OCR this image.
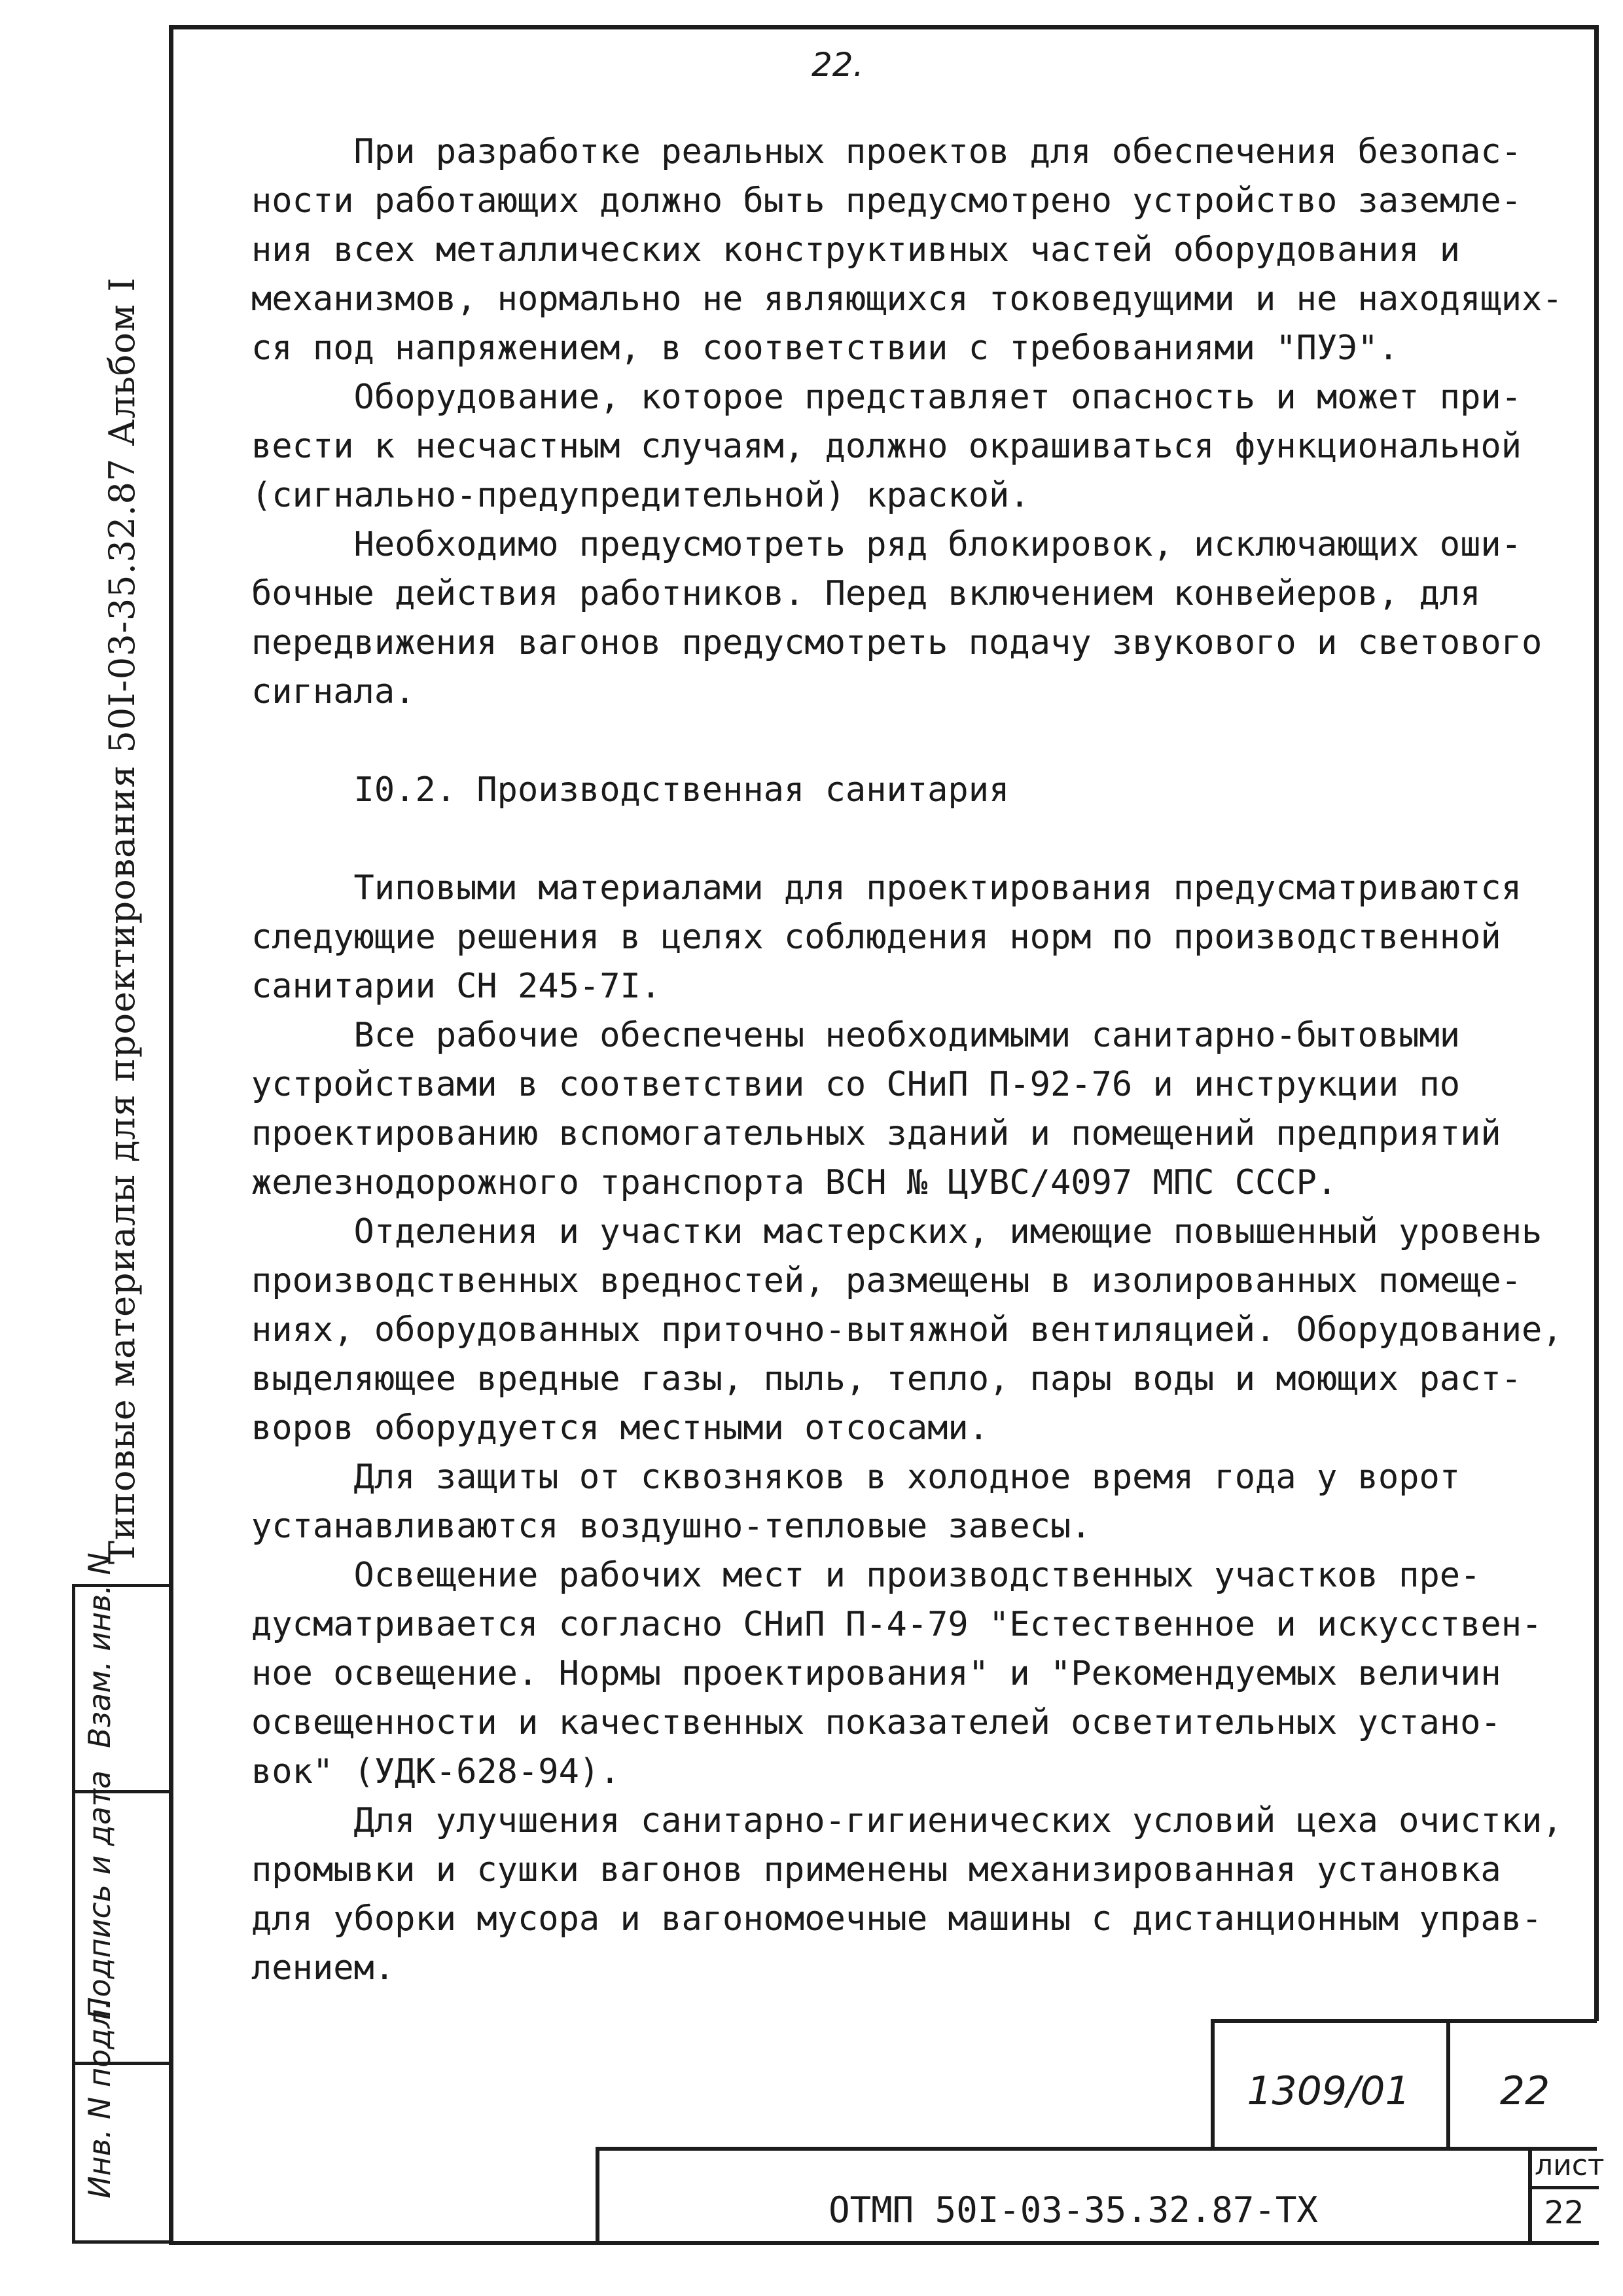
Типовые материалы для проектирования 50I-03-35.32.87 Альбом I
Взам. инв. N
Подпись и дата
Инв. N подл.
22.

При разработке реальных проектов для обеспечения безопас-

ности работающих должно быть предусмотрено устройство заземле-

ния всех металлических конструктивных частей оборудования и

механизмов, нормально не являющихся токоведущими и не находящих-

ся под напряжением, в соответствии с требованиями "ПУЭ".

Оборудование, которое представляет опасность и может при-

вести к несчастным случаям, должно окрашиваться функциональной

(сигнально-предупредительной) краской.

Необходимо предусмотреть ряд блокировок, исключающих оши-

бочные действия работников. Перед включением конвейеров, для

передвижения вагонов предусмотреть подачу звукового и светового

сигнала.

I0.2. Производственная санитария

Типовыми материалами для проектирования предусматриваются

следующие решения в целях соблюдения норм по производственной

санитарии СН 245-7I.

Все рабочие обеспечены необходимыми санитарно-бытовыми

устройствами в соответствии со СНиП П-92-76 и инструкции по

проектированию вспомогательных зданий и помещений предприятий

железнодорожного транспорта ВСН № ЦУВС/4097 МПС СССР.

Отделения и участки мастерских, имеющие повышенный уровень

производственных вредностей, размещены в изолированных помеще-

ниях, оборудованных приточно-вытяжной вентиляцией. Оборудование,

выделяющее вредные газы, пыль, тепло, пары воды и моющих раст-

воров оборудуется местными отсосами.

Для защиты от сквозняков в холодное время года у ворот

устанавливаются воздушно-тепловые завесы.

Освещение рабочих мест и производственных участков пре-

дусматривается согласно СНиП П-4-79 "Естественное и искусствен-

ное освещение. Нормы проектирования" и "Рекомендуемых величин

освещенности и качественных показателей осветительных устано-

вок" (УДК-628-94).

Для улучшения санитарно-гигиенических условий цеха очистки,

промывки и сушки вагонов применены механизированная установка

для уборки мусора и вагономоечные машины с дистанционным управ-

лением.

1309/01	22
ОТМП 50I-03-35.32.87-ТХ
лист
22
